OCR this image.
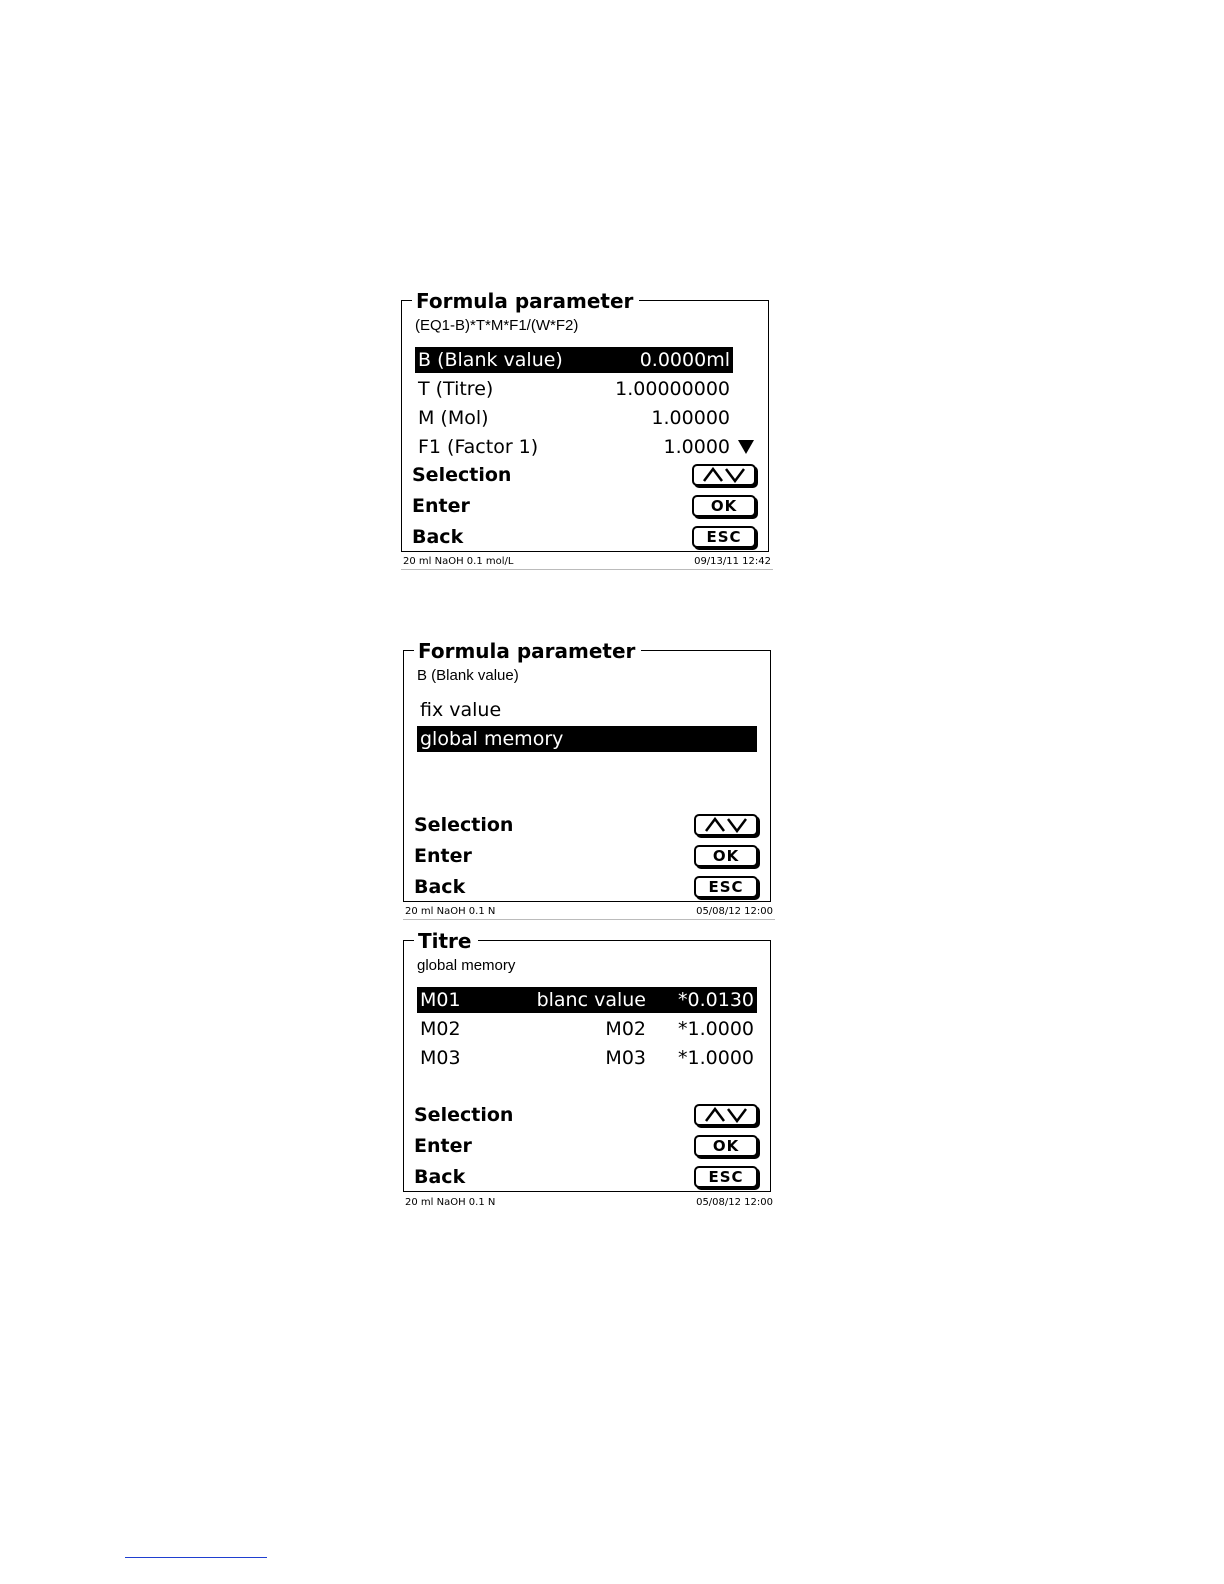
Formula parameter
(EQ1-B)*T*M*F1/(W*F2)
B (Blank value)	0.0000ml
T (Titre)	1.00000000
M (Mol)	1.00000
F1 (Factor 1)	1.0000
Selection
Enter	OK
Back	ESC
20 ml NaOH 0.1 mol/L	09/13/11 12:42
Formula parameter
B (Blank value)
fix value
global memory
Selection
Enter	OK
Back	ESC
20 ml NaOH 0.1 N	05/08/12 12:00
Titre
global memory
M01	blanc value	*0.0130
M02	M02	*1.0000
M03	M03	*1.0000
Selection
Enter	OK
Back	ESC
20 ml NaOH 0.1 N	05/08/12 12:00
